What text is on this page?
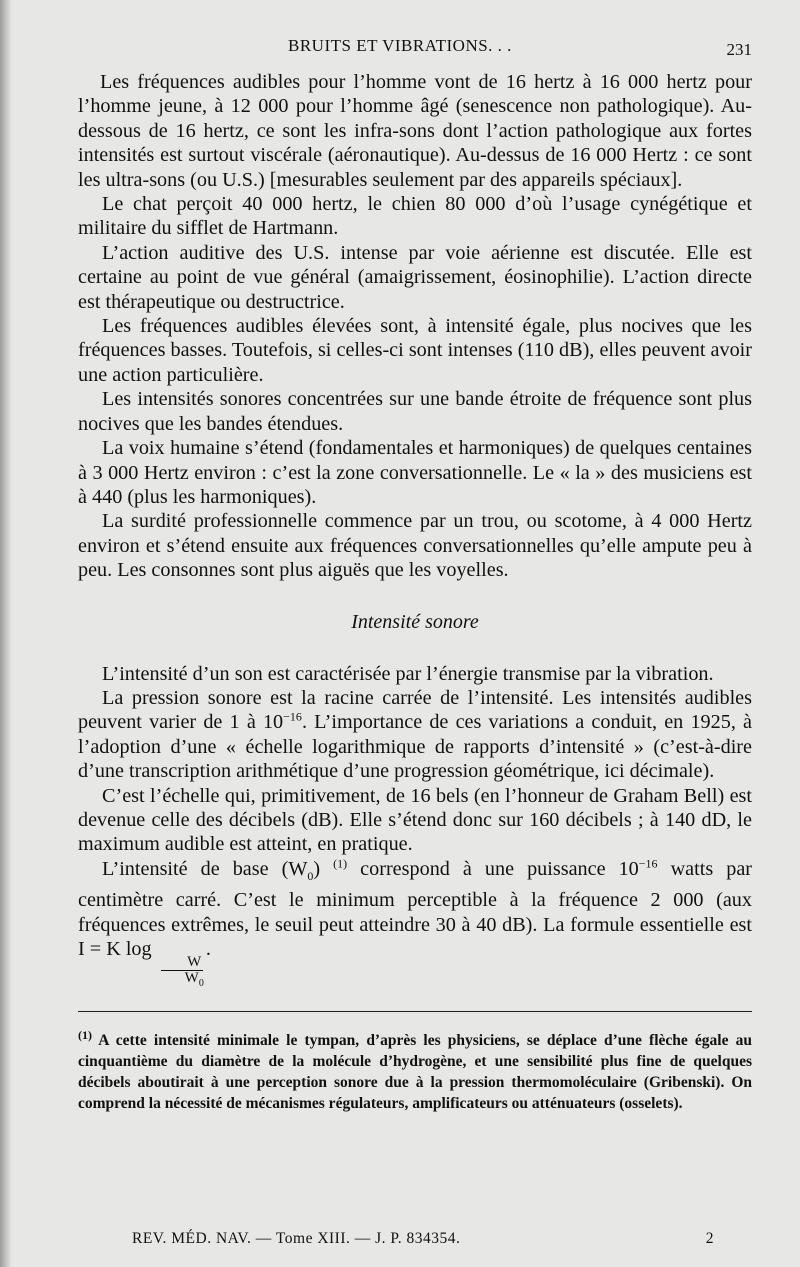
BRUITS ET VIBRATIONS. . .	231

Les fréquences audibles pour l’homme vont de 16 hertz à 16 000 hertz pour l’homme jeune, à 12 000 pour l’homme âgé (senescence non pathologique). Au-dessous de 16 hertz, ce sont les infra-sons dont l’action pathologique aux fortes intensités est surtout viscérale (aéronautique). Au-dessus de 16 000 Hertz : ce sont les ultra-sons (ou U.S.) [mesurables seulement par des appareils spéciaux].

Le chat perçoit 40 000 hertz, le chien 80 000 d’où l’usage cynégétique et militaire du sifflet de Hartmann.

L’action auditive des U.S. intense par voie aérienne est discutée. Elle est certaine au point de vue général (amaigrissement, éosinophilie). L’action directe est thérapeutique ou destructrice.

Les fréquences audibles élevées sont, à intensité égale, plus nocives que les fréquences basses. Toutefois, si celles-ci sont intenses (110 dB), elles peuvent avoir une action particulière.

Les intensités sonores concentrées sur une bande étroite de fréquence sont plus nocives que les bandes étendues.

La voix humaine s’étend (fondamentales et harmoniques) de quelques centaines à 3 000 Hertz environ : c’est la zone conversationnelle. Le « la » des musiciens est à 440 (plus les harmoniques).

La surdité professionnelle commence par un trou, ou scotome, à 4 000 Hertz environ et s’étend ensuite aux fréquences conversationnelles qu’elle ampute peu à peu. Les consonnes sont plus aiguës que les voyelles.

Intensité sonore

L’intensité d’un son est caractérisée par l’énergie transmise par la vibration.

La pression sonore est la racine carrée de l’intensité. Les intensités audibles peuvent varier de 1 à $10^{-16}$. L’importance de ces variations a conduit, en 1925, à l’adoption d’une « échelle logarithmique de rapports d’intensité » (c’est-à-dire d’une transcription arithmétique d’une progression géométrique, ici décimale).

C’est l’échelle qui, primitivement, de 16 bels (en l’honneur de Graham Bell) est devenue celle des décibels (dB). Elle s’étend donc sur 160 décibels ; à 140 dD, le maximum audible est atteint, en pratique.

L’intensité de base $(W_0)$ $^{(1)}$ correspond à une puissance $10^{-16}$ watts par centimètre carré. C’est le minimum perceptible à la fréquence 2 000 (aux fréquences extrêmes, le seuil peut atteindre 30 à 40 dB). La formule essentielle est I = K log
$\frac{W}{W_0}$
.

$^{(1)}$ A cette intensité minimale le tympan, d’après les physiciens, se déplace d’une flèche égale au cinquantième du diamètre de la molécule d’hydrogène, et une sensibilité plus fine de quelques décibels aboutirait à une perception sonore due à la pression thermomoléculaire (Gribenski). On comprend la nécessité de mécanismes régulateurs, amplificateurs ou atténuateurs (osselets).

REV. MÉD. NAV. — Tome XIII. — J. P. 834354.	2
